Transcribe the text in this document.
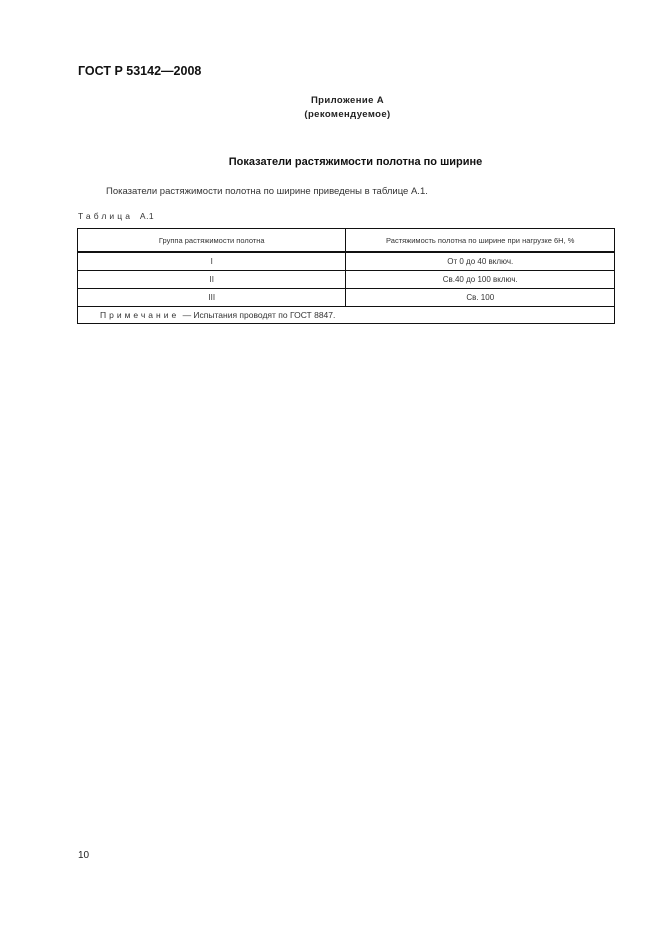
ГОСТ Р 53142—2008
Приложение А
(рекомендуемое)
Показатели растяжимости полотна по ширине
Показатели растяжимости полотна по ширине приведены в таблице А.1.
Таблица А.1
Группа растяжимости полотна	Растяжимость полотна по ширине при нагрузке 6Н, %
I	От 0 до 40 включ.
II	Св.40 до 100 включ.
III	Св. 100
Примечание — Испытания проводят по ГОСТ 8847.	
10
